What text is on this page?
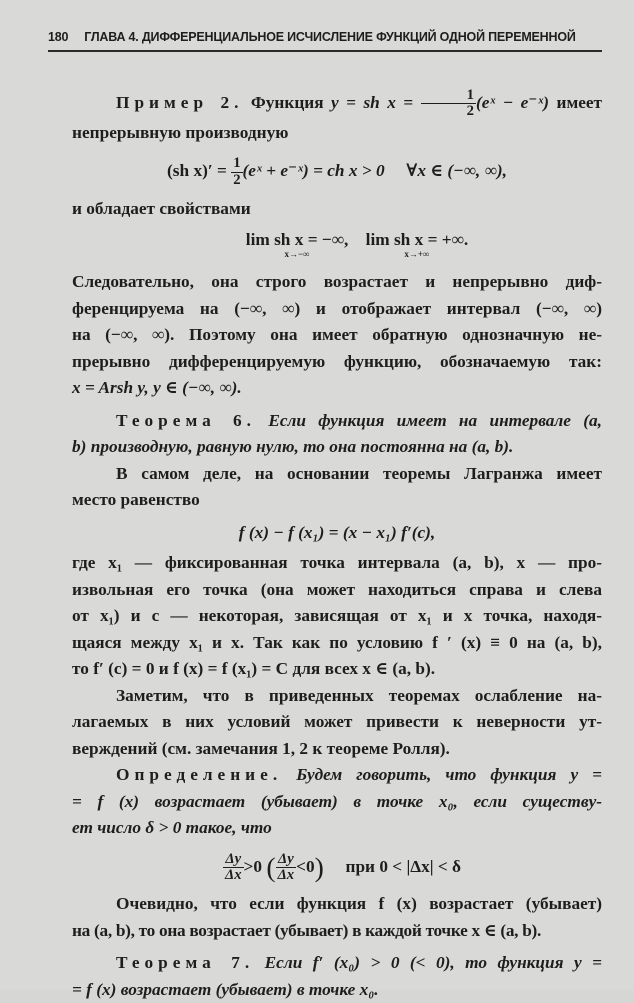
180 ГЛАВА 4. ДИФФЕРЕНЦИАЛЬНОЕ ИСЧИСЛЕНИЕ ФУНКЦИЙ ОДНОЙ ПЕРЕМЕННОЙ
Пример 2. Функция y = sh $x = \frac{1}{2}$ (eˣ − e⁻ˣ) имеет
непрерывную производную
(sh $x)' = \frac{1}{2}$ (eˣ + e⁻ˣ) = ch x > 0 ∀x ∈ (−∞, ∞),
и обладает свойствами
lim sh x = −∞,
x→−∞
lim sh x = +∞.
x→+∞
Следовательно, она строго возрастает и непрерывно диф-
ференцируема на (−∞, ∞) и отображает интервал (−∞, ∞)
на (−∞, ∞). Поэтому она имеет обратную однозначную не-
прерывно дифференцируемую функцию, обозначаемую так:
x = Arsh y, y ∈ (−∞, ∞).
Теорема 6. Если функция имеет на интервале (a,
b) производную, равную нулю, то она постоянна на (a, b).
В самом деле, на основании теоремы Лагранжа имеет
место равенство
f (x) − f (x₁) = (x − x₁) f′(c),
где x₁ — фиксированная точка интервала (a, b), x — про-
извольная его точка (она может находиться справа и слева
от x₁) и c — некоторая, зависящая от x₁ и x точка, находя-
щаяся между x₁ и x. Так как по условию f ′ (x) ≡ 0 на (a, b),
то f′ (c) = 0 и f (x) = f (x₁) = C для всех x ∈ (a, b).
Заметим, что в приведенных теоремах ослабление на-
лагаемых в них условий может привести к неверности ут-
верждений (см. замечания 1, 2 к теореме Ролля).
Определение. Будем говорить, что функция y =
= f (x) возрастает (убывает) в точке x₀, если существу-
ет число δ > 0 такое, что
$\frac{\Delta y}{\Delta x} >0$ ( $\frac{\Delta y}{\Delta x} <0$) при 0 < |Δx| < δ
Очевидно, что если функция f (x) возрастает (убывает)
на (a, b), то она возрастает (убывает) в каждой точке x ∈ (a, b).
Теорема 7. Если f′ (x₀) > 0 (< 0), то функция y =
= f (x) возрастает (убывает) в точке x₀.
